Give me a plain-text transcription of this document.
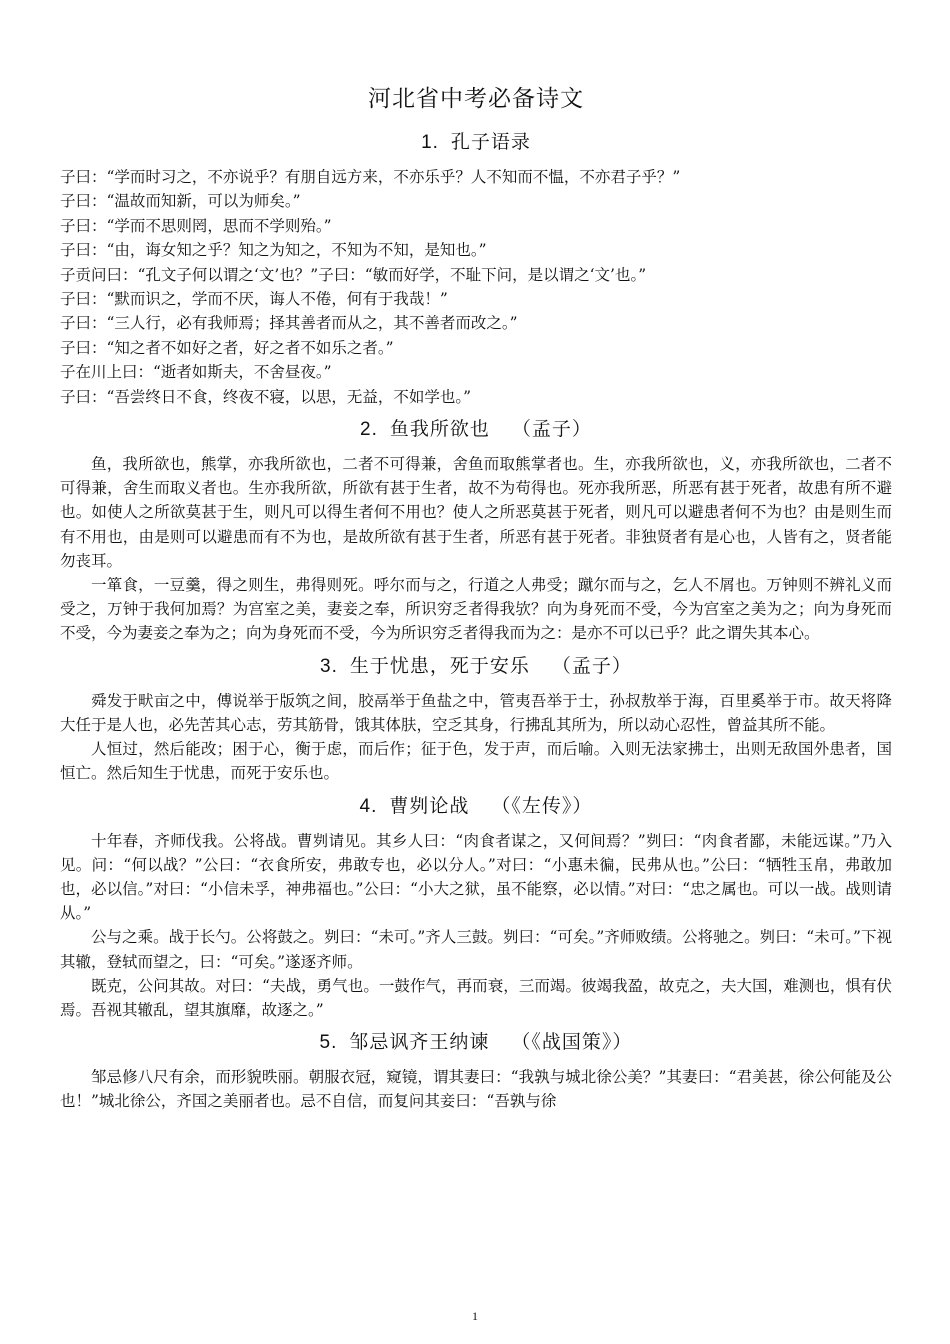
河北省中考必备诗文
1. 孔子语录

子曰：“学而时习之，不亦说乎？有朋自远方来，不亦乐乎？人不知而不愠，不亦君子乎？”

子曰：“温故而知新，可以为师矣。”

子曰：“学而不思则罔，思而不学则殆。”

子曰：“由，诲女知之乎？知之为知之，不知为不知，是知也。”

子贡问曰：“孔文子何以谓之‘文’也？”子曰：“敏而好学，不耻下问，是以谓之‘文’也。”

子曰：“默而识之，学而不厌，诲人不倦，何有于我哉！”

子曰：“三人行，必有我师焉；择其善者而从之，其不善者而改之。”

子曰：“知之者不如好之者，好之者不如乐之者。”

子在川上曰：“逝者如斯夫，不舍昼夜。”

子曰：“吾尝终日不食，终夜不寝，以思，无益，不如学也。”

2. 鱼我所欲也 （孟子）

鱼，我所欲也，熊掌，亦我所欲也，二者不可得兼，舍鱼而取熊掌者也。生，亦我所欲也，义，亦我所欲也，二者不可得兼，舍生而取义者也。生亦我所欲，所欲有甚于生者，故不为苟得也。死亦我所恶，所恶有甚于死者，故患有所不避也。如使人之所欲莫甚于生，则凡可以得生者何不用也？使人之所恶莫甚于死者，则凡可以避患者何不为也？由是则生而有不用也，由是则可以避患而有不为也，是故所欲有甚于生者，所恶有甚于死者。非独贤者有是心也，人皆有之，贤者能勿丧耳。

一箪食，一豆羹，得之则生，弗得则死。呼尔而与之，行道之人弗受；蹴尔而与之，乞人不屑也。万钟则不辨礼义而受之，万钟于我何加焉？为宫室之美，妻妾之奉，所识穷乏者得我欤？向为身死而不受，今为宫室之美为之；向为身死而不受，今为妻妾之奉为之；向为身死而不受，今为所识穷乏者得我而为之：是亦不可以已乎？此之谓失其本心。

3. 生于忧患，死于安乐 （孟子）

舜发于畎亩之中，傅说举于版筑之间，胶鬲举于鱼盐之中，管夷吾举于士，孙叔敖举于海，百里奚举于市。故天将降大任于是人也，必先苦其心志，劳其筋骨，饿其体肤，空乏其身，行拂乱其所为，所以动心忍性，曾益其所不能。

人恒过，然后能改；困于心，衡于虑，而后作；征于色，发于声，而后喻。入则无法家拂士，出则无敌国外患者，国恒亡。然后知生于忧患，而死于安乐也。

4. 曹刿论战 （《左传》）

十年春，齐师伐我。公将战。曹刿请见。其乡人曰：“肉食者谋之，又何间焉？”刿曰：“肉食者鄙，未能远谋。”乃入见。问：“何以战？”公曰：“衣食所安，弗敢专也，必以分人。”对曰：“小惠未徧，民弗从也。”公曰：“牺牲玉帛，弗敢加也，必以信。”对曰：“小信未孚，神弗福也。”公曰：“小大之狱，虽不能察，必以情。”对曰：“忠之属也。可以一战。战则请从。”

公与之乘。战于长勺。公将鼓之。刿曰：“未可。”齐人三鼓。刿曰：“可矣。”齐师败绩。公将驰之。刿曰：“未可。”下视其辙，登轼而望之，曰：“可矣。”遂逐齐师。

既克，公问其故。对曰：“夫战，勇气也。一鼓作气，再而衰，三而竭。彼竭我盈，故克之，夫大国，难测也，惧有伏焉。吾视其辙乱，望其旗靡，故逐之。”

5. 邹忌讽齐王纳谏 （《战国策》）

邹忌修八尺有余，而形貌昳丽。朝服衣冠，窥镜，谓其妻曰：“我孰与城北徐公美？”其妻曰：“君美甚，徐公何能及公也！”城北徐公，齐国之美丽者也。忌不自信，而复问其妾曰：“吾孰与徐

1
